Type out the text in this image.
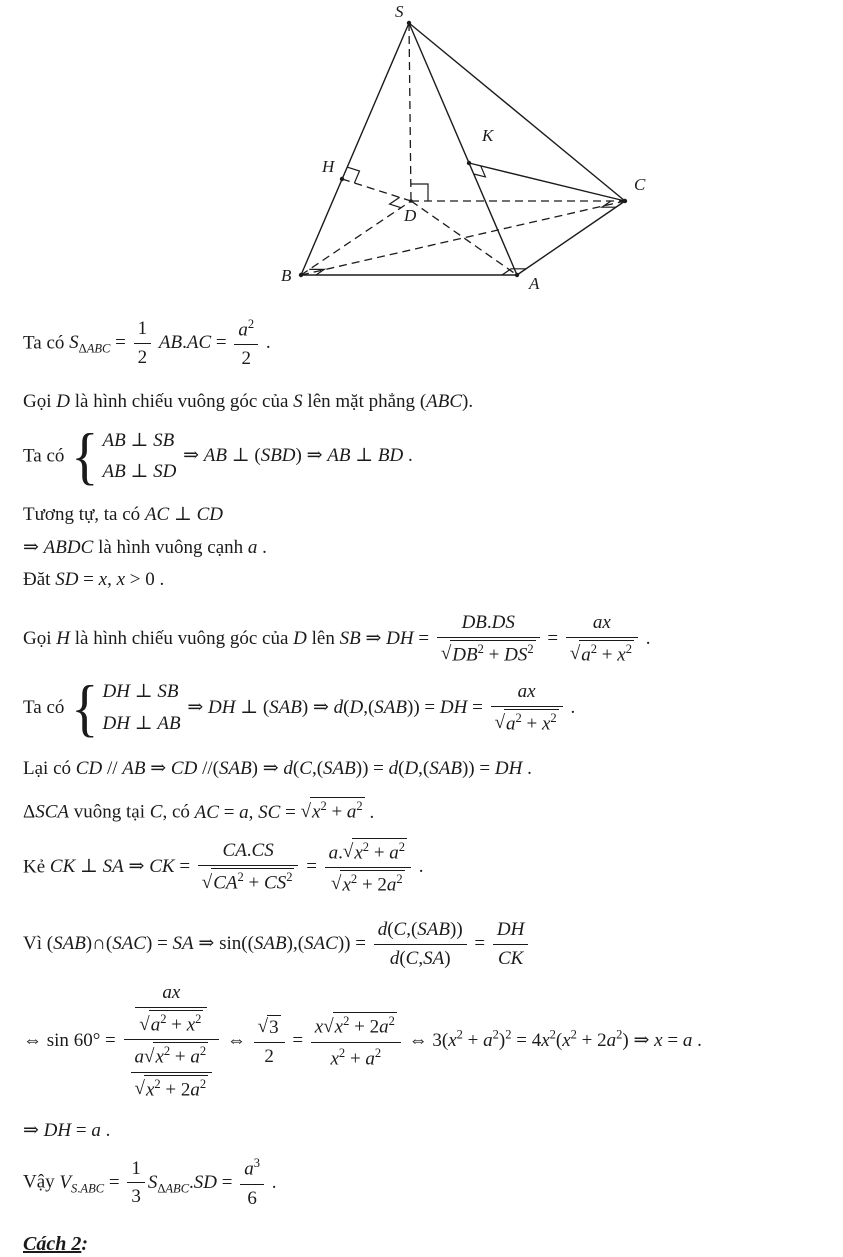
S
K
H
C
D
B	A
Ta có $S_{\Delta ABC} = \frac{1}{2} AB.AC = \frac{a^2}{2}$ .
Gọi D là hình chiếu vuông góc của S lên mặt phẳng (ABC).
Ta có { AB ⊥ SB
AB ⊥ SD
⇒ AB ⊥ (SBD) ⇒ AB ⊥ BD .
Tương tự, ta có AC ⊥ CD
⇒ ABDC là hình vuông cạnh a .
Đăt SD = x, x > 0 .
Gọi H là hình chiếu vuông góc của D lên SB ⇒ DH = $\frac{DB.DS}{√DB^2 + DS^2} = \frac{ax}{√a^2 + x^2}$ .
Ta có { DH ⊥ SB
DH ⊥ AB
⇒ DH ⊥ (SAB) ⇒ d(D,(SAB)) = DH = $\frac{ax}{√a^2 + x^2}$ .
Lại có CD // AB ⇒ CD //(SAB) ⇒ d(C,(SAB)) = d(D,(SAB)) = DH .
ΔSCA vuông tại C, có AC = a, SC = $√x^2 + a^2$ .
Kẻ CK ⊥ SA ⇒ CK = $\frac{CA.CS}{√CA^2 + CS^2} = \frac{a.√x^2 + a^2}{√x^2 + 2a^2}$ .
Vì (SAB)∩(SAC) = SA ⇒ $\sin((SAB),(SAC)) = \frac{\text{d(C,(SAB))}}{d(C,SA)} = \frac{DH}{CK}$
⇔ $\sin 60^\circ = \frac{\frac{ax}{√a^2 + x^2}}{\frac{a√x^2 + a^2}{√x^2 + 2a^2}}$ ⇔ $\frac{√3}{2} = \frac{x√x^2 + 2a^2}{x^2 + a^2}$ ⇔ $3(x^2 + a^2)^2 = 4x^2(x^2 + 2a^2)$ ⇒ x = a .
⇒ DH = a .
Vậy $V_{S.ABC} = \frac{1}{3} S_{\Delta ABC}.SD = \frac{a^3}{6}$ .
Cách 2:
